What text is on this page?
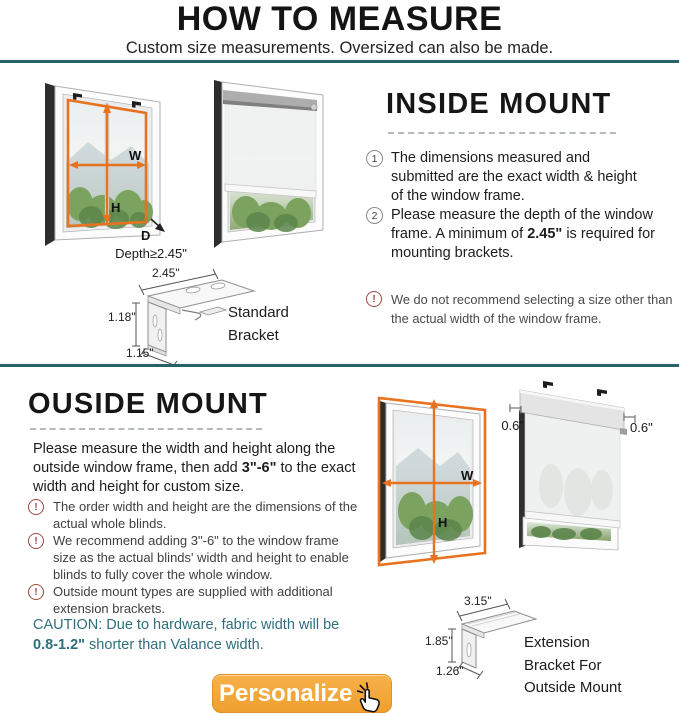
HOW TO MEASURE
Custom size measurements. Oversized can also be made.
W
H
D
Depth≥2.45"
INSIDE MOUNT
1 The dimensions measured and submitted are the exact width & height of the window frame.

2 Please measure the depth of the window frame. A minimum of 2.45" is required for mounting brackets.

!	We do not recommend selecting a size other than the actual width of the window frame.

2.45"
1.18"
1.15"
Standard Bracket
OUSIDE MOUNT

Please measure the width and height along the outside window frame, then add 3"-6" to the exact width and height for custom size.

!	The order width and height are the dimensions of the actual whole blinds.

!	We recommend adding 3"-6" to the window frame size as the actual blinds' width and height to enable blinds to fully cover the whole window.

!	Outside mount types are supplied with additional extension brackets.

CAUTION: Due to hardware, fabric width will be 0.8-1.2" shorter than Valance width.
W
H
0.6"	0.6"
3.15"
1.85"
1.26"
Extension Bracket For Outside Mount
Personalize
